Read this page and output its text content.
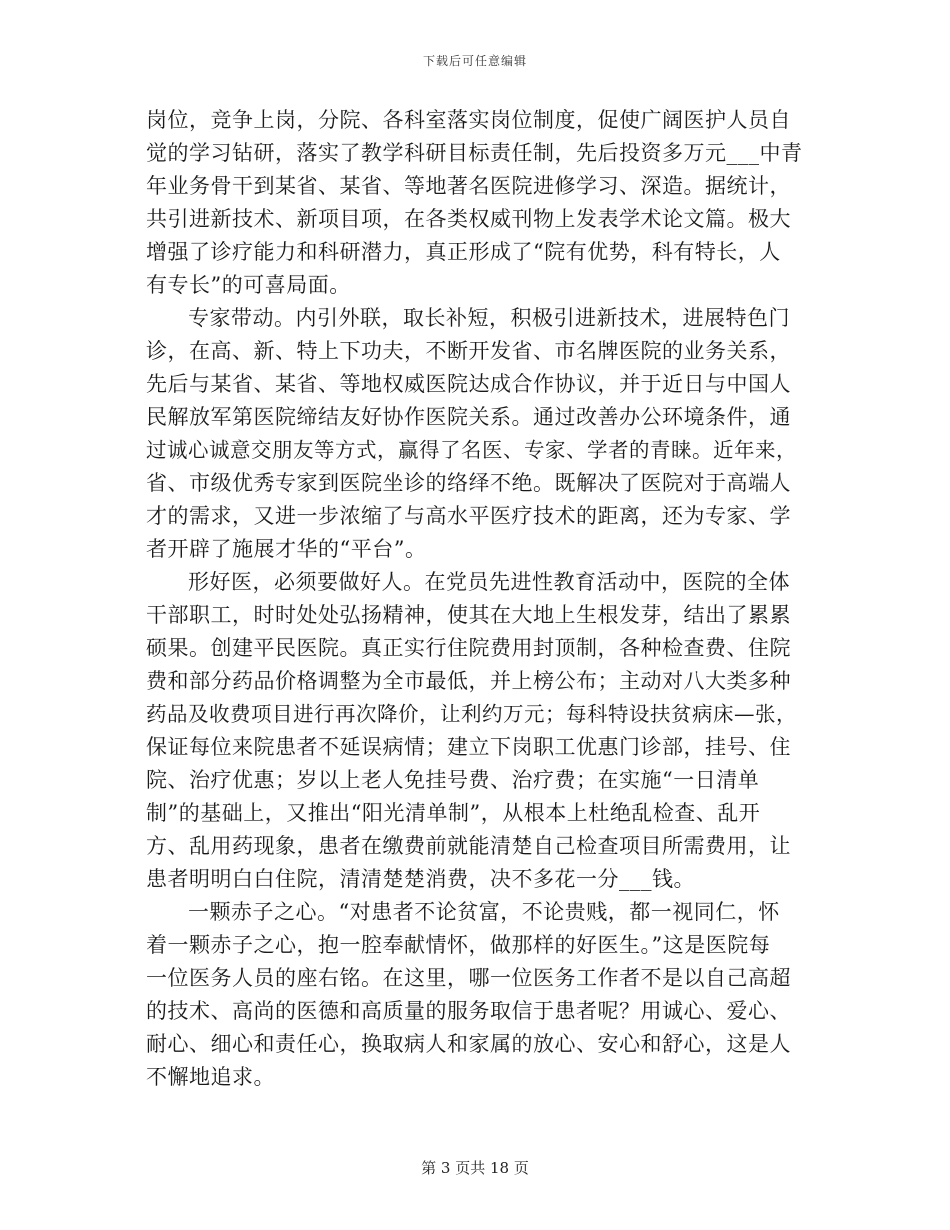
下载后可任意编辑
岗位，竞争上岗，分院、各科室落实岗位制度，促使广阔医护人员自
觉的学习钻研，落实了教学科研目标责任制，先后投资多万元___中青
年业务骨干到某省、某省、等地著名医院进修学习、深造。据统计，
共引进新技术、新项目项，在各类权威刊物上发表学术论文篇。极大
增强了诊疗能力和科研潜力，真正形成了“院有优势，科有特长，人
有专长”的可喜局面。
专家带动。内引外联，取长补短，积极引进新技术，进展特色门
诊，在高、新、特上下功夫，不断开发省、市名牌医院的业务关系，
先后与某省、某省、等地权威医院达成合作协议，并于近日与中国人
民解放军第医院缔结友好协作医院关系。通过改善办公环境条件，通
过诚心诚意交朋友等方式，赢得了名医、专家、学者的青睐。近年来，
省、市级优秀专家到医院坐诊的络绎不绝。既解决了医院对于高端人
才的需求，又进一步浓缩了与高水平医疗技术的距离，还为专家、学
者开辟了施展才华的“平台”。
形好医，必须要做好人。在党员先进性教育活动中，医院的全体
干部职工，时时处处弘扬精神，使其在大地上生根发芽，结出了累累
硕果。创建平民医院。真正实行住院费用封顶制，各种检查费、住院
费和部分药品价格调整为全市最低，并上榜公布；主动对八大类多种
药品及收费项目进行再次降价，让利约万元；每科特设扶贫病床—张，
保证每位来院患者不延误病情；建立下岗职工优惠门诊部，挂号、住
院、治疗优惠；岁以上老人免挂号费、治疗费；在实施“一日清单
制”的基础上，又推出“阳光清单制”，从根本上杜绝乱检查、乱开
方、乱用药现象，患者在缴费前就能清楚自己检查项目所需费用，让
患者明明白白住院，清清楚楚消费，决不多花一分___钱。
一颗赤子之心。“对患者不论贫富，不论贵贱，都一视同仁，怀
着一颗赤子之心，抱一腔奉献情怀，做那样的好医生。”这是医院每
一位医务人员的座右铭。在这里，哪一位医务工作者不是以自己高超
的技术、高尚的医德和高质量的服务取信于患者呢？用诚心、爱心、
耐心、细心和责任心，换取病人和家属的放心、安心和舒心，这是人
不懈地追求。
第 3 页共 18 页
